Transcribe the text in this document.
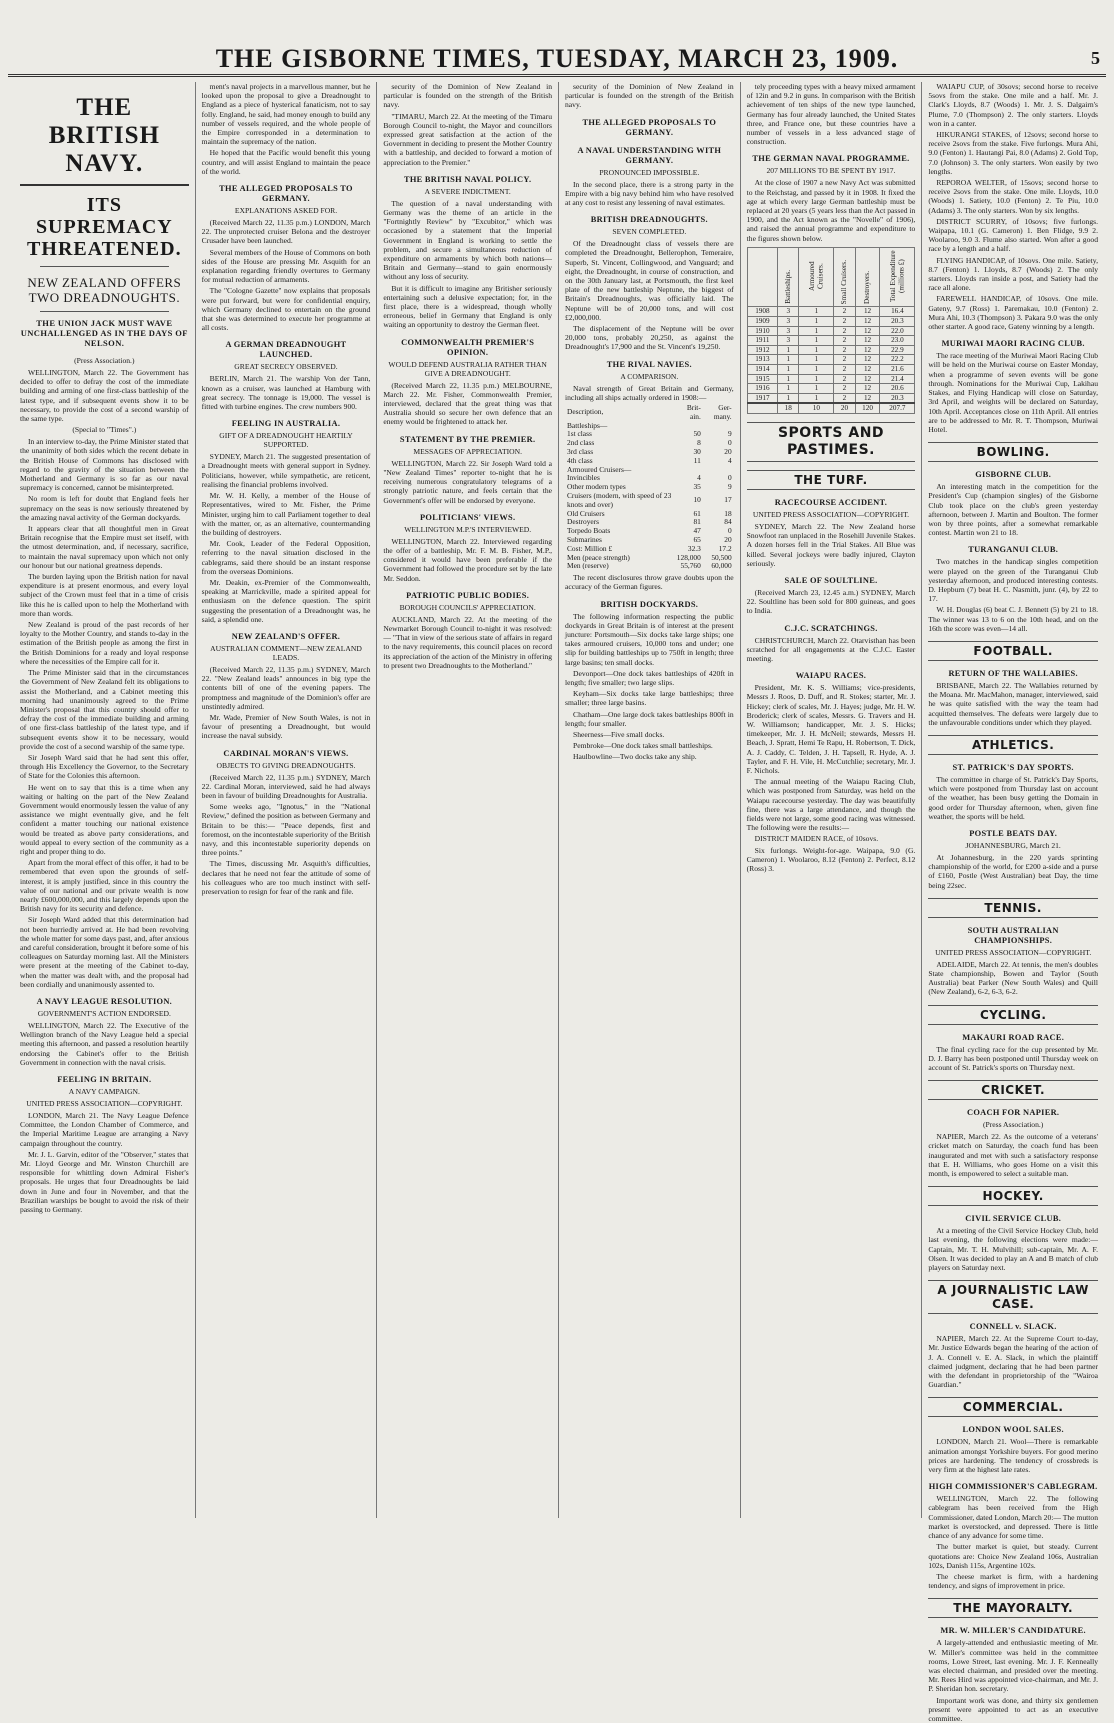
THE GISBORNE TIMES, TUESDAY, MARCH 23, 1909.	5
THE BRITISH NAVY.
ITS SUPREMACY THREATENED.
NEW ZEALAND OFFERS TWO DREADNOUGHTS.
THE UNION JACK MUST WAVE UNCHALLENGED AS IN THE DAYS OF NELSON.
(Press Association.)

WELLINGTON, March 22. The Government has decided to offer to defray the cost of the immediate building and arming of one first-class battleship of the latest type, and if subsequent events show it to be necessary, to provide the cost of a second warship of the same type.

(Special to "Times".)

In an interview to-day, the Prime Minister stated that the unanimity of both sides which the recent debate in the British House of Commons has disclosed with regard to the gravity of the situation between the Motherland and Germany is so far as our naval supremacy is concerned, cannot be misinterpreted.

No room is left for doubt that England feels her supremacy on the seas is now seriously threatened by the amazing naval activity of the German dockyards.

It appears clear that all thoughtful men in Great Britain recognise that the Empire must set itself, with the utmost determination, and, if necessary, sacrifice, to maintain the naval supremacy upon which not only our honour but our national greatness depends.

The burden laying upon the British nation for naval expenditure is at present enormous, and every loyal subject of the Crown must feel that in a time of crisis like this he is called upon to help the Motherland with more than words.

New Zealand is proud of the past records of her loyalty to the Mother Country, and stands to-day in the estimation of the British people as among the first in the British Dominions for a ready and loyal response where the necessities of the Empire call for it.

The Prime Minister said that in the circumstances the Government of New Zealand felt its obligations to assist the Motherland, and a Cabinet meeting this morning had unanimously agreed to the Prime Minister's proposal that this country should offer to defray the cost of the immediate building and arming of one first-class battleship of the latest type, and if subsequent events show it to be necessary, would provide the cost of a second warship of the same type.

Sir Joseph Ward said that he had sent this offer, through His Excellency the Governor, to the Secretary of State for the Colonies this afternoon.

He went on to say that this is a time when any waiting or halting on the part of the New Zealand Government would enormously lessen the value of any assistance we might eventually give, and he felt confident a matter touching our national existence would be treated as above party considerations, and would appeal to every section of the community as a right and proper thing to do.

Apart from the moral effect of this offer, it had to be remembered that even upon the grounds of self-interest, it is amply justified, since in this country the value of our national and our private wealth is now nearly £600,000,000, and this largely depends upon the British navy for its security and defence.

Sir Joseph Ward added that this determination had not been hurriedly arrived at. He had been revolving the whole matter for some days past, and, after anxious and careful consideration, brought it before some of his colleagues on Saturday morning last. All the Ministers were present at the meeting of the Cabinet to-day, when the matter was dealt with, and the proposal had been cordially and unanimously assented to.

A NAVY LEAGUE RESOLUTION.
GOVERNMENT'S ACTION ENDORSED.

WELLINGTON, March 22. The Executive of the Wellington branch of the Navy League held a special meeting this afternoon, and passed a resolution heartily endorsing the Cabinet's offer to the British Government in connection with the naval crisis.

FEELING IN BRITAIN.
A NAVY CAMPAIGN.
UNITED PRESS ASSOCIATION—COPYRIGHT.

LONDON, March 21. The Navy League Defence Committee, the London Chamber of Commerce, and the Imperial Maritime League are arranging a Navy campaign throughout the country.

Mr. J. L. Garvin, editor of the "Observer," states that Mr. Lloyd George and Mr. Winston Churchill are responsible for whittling down Admiral Fisher's proposals. He urges that four Dreadnoughts be laid down in June and four in November, and that the Brazilian warships be bought to avoid the risk of their passing to Germany.

ment's naval projects in a marvellous manner, but he looked upon the proposal to give a Dreadnought to England as a piece of hysterical fanaticism, not to say folly. England, he said, had money enough to build any number of vessels required, and the whole people of the Empire corresponded in a determination to maintain the supremacy of the nation.

He hoped that the Pacific would benefit this young country, and will assist England to maintain the peace of the world.

THE ALLEGED PROPOSALS TO GERMANY.
EXPLANATIONS ASKED FOR.

(Received March 22, 11.35 p.m.) LONDON, March 22. The unprotected cruiser Belona and the destroyer Crusader have been launched.

Several members of the House of Commons on both sides of the House are pressing Mr. Asquith for an explanation regarding friendly overtures to Germany for mutual reduction of armaments.

The "Cologne Gazette" now explains that proposals were put forward, but were for confidential enquiry, which Germany declined to entertain on the ground that she was determined to execute her programme at all costs.

A GERMAN DREADNOUGHT LAUNCHED.
GREAT SECRECY OBSERVED.

BERLIN, March 21. The warship Von der Tann, known as a cruiser, was launched at Hamburg with great secrecy. The tonnage is 19,000. The vessel is fitted with turbine engines. The crew numbers 900.

FEELING IN AUSTRALIA.
GIFT OF A DREADNOUGHT HEARTILY SUPPORTED.

SYDNEY, March 21. The suggested presentation of a Dreadnought meets with general support in Sydney. Politicians, however, while sympathetic, are reticent, realising the financial problems involved.

Mr. W. H. Kelly, a member of the House of Representatives, wired to Mr. Fisher, the Prime Minister, urging him to call Parliament together to deal with the matter, or, as an alternative, countermanding the building of destroyers.

Mr. Cook, Leader of the Federal Opposition, referring to the naval situation disclosed in the cablegrams, said there should be an instant response from the overseas Dominions.

Mr. Deakin, ex-Premier of the Commonwealth, speaking at Marrickville, made a spirited appeal for enthusiasm on the defence question. The spirit suggesting the presentation of a Dreadnought was, he said, a splendid one.

NEW ZEALAND'S OFFER.
AUSTRALIAN COMMENT—NEW ZEALAND LEADS.

(Received March 22, 11.35 p.m.) SYDNEY, March 22. "New Zealand leads" announces in big type the contents bill of one of the evening papers. The promptness and magnitude of the Dominion's offer are unstintedly admired.

Mr. Wade, Premier of New South Wales, is not in favour of presenting a Dreadnought, but would increase the naval subsidy.

CARDINAL MORAN'S VIEWS.
OBJECTS TO GIVING DREADNOUGHTS.

(Received March 22, 11.35 p.m.) SYDNEY, March 22. Cardinal Moran, interviewed, said he had always been in favour of building Dreadnoughts for Australia.

Some weeks ago, "Ignotus," in the "National Review," defined the position as between Germany and Britain to be this:— "Peace depends, first and foremost, on the incontestable superiority of the British navy, and this incontestable superiority depends on three points."

The Times, discussing Mr. Asquith's difficulties, declares that he need not fear the attitude of some of his colleagues who are too much instinct with self-preservation to resign for fear of the rank and file.

security of the Dominion of New Zealand in particular is founded on the strength of the British navy.

"TIMARU, March 22. At the meeting of the Timaru Borough Council to-night, the Mayor and councillors expressed great satisfaction at the action of the Government in deciding to present the Mother Country with a battleship, and decided to forward a motion of appreciation to the Premier."

THE BRITISH NAVAL POLICY.
A SEVERE INDICTMENT.

The question of a naval understanding with Germany was the theme of an article in the "Fortnightly Review" by "Excubitor," which was occasioned by a statement that the Imperial Government in England is working to settle the problem, and secure a simultaneous reduction of expenditure on armaments by which both nations—Britain and Germany—stand to gain enormously without any loss of security.

But it is difficult to imagine any Britisher seriously entertaining such a delusive expectation; for, in the first place, there is a widespread, though wholly erroneous, belief in Germany that England is only waiting an opportunity to destroy the German fleet.

COMMONWEALTH PREMIER'S OPINION.
WOULD DEFEND AUSTRALIA RATHER THAN GIVE A DREADNOUGHT.

(Received March 22, 11.35 p.m.) MELBOURNE, March 22. Mr. Fisher, Commonwealth Premier, interviewed, declared that the great thing was that Australia should so secure her own defence that an enemy would be frightened to attack her.

STATEMENT BY THE PREMIER.
MESSAGES OF APPRECIATION.

WELLINGTON, March 22. Sir Joseph Ward told a "New Zealand Times" reporter to-night that he is receiving numerous congratulatory telegrams of a strongly patriotic nature, and feels certain that the Government's offer will be endorsed by everyone.

POLITICIANS' VIEWS.
WELLINGTON M.P.'S INTERVIEWED.

WELLINGTON, March 22. Interviewed regarding the offer of a battleship, Mr. F. M. B. Fisher, M.P., considered it would have been preferable if the Government had followed the procedure set by the late Mr. Seddon.

PATRIOTIC PUBLIC BODIES.
BOROUGH COUNCILS' APPRECIATION.

AUCKLAND, March 22. At the meeting of the Newmarket Borough Council to-night it was resolved:— "That in view of the serious state of affairs in regard to the navy requirements, this council places on record its appreciation of the action of the Ministry in offering to present two Dreadnoughts to the Motherland."

security of the Dominion of New Zealand in particular is founded on the strength of the British navy.

THE ALLEGED PROPOSALS TO GERMANY.
A NAVAL UNDERSTANDING WITH GERMANY.
PRONOUNCED IMPOSSIBLE.

In the second place, there is a strong party in the Empire with a big navy behind him who have resolved at any cost to resist any lessening of naval estimates.

BRITISH DREADNOUGHTS.
SEVEN COMPLETED.

Of the Dreadnought class of vessels there are completed the Dreadnought, Bellerophon, Temeraire, Superb, St. Vincent, Collingwood, and Vanguard; and eight, the Dreadnought, in course of construction, and on the 30th January last, at Portsmouth, the first keel plate of the new battleship Neptune, the biggest of Britain's Dreadnoughts, was officially laid. The Neptune will be of 20,000 tons, and will cost £2,000,000.

The displacement of the Neptune will be over 20,000 tons, probably 20,250, as against the Dreadnought's 17,900 and the St. Vincent's 19,250.

THE RIVAL NAVIES.
A COMPARISON.

Naval strength of Great Britain and Germany, including all ships actually ordered in 1908:—

Description,	Brit-ain.	Ger-many.
Battleships—		
1st class	50	9
2nd class	8	0
3rd class	30	20
4th class	11	4
Armoured Cruisers—		
Invincibles	4	0
Other modern types	35	9
Cruisers (modern, with speed of 23 knots and over)	10	17
Old Cruisers	61	18
Destroyers	81	84
Torpedo Boats	47	0
Submarines	65	20
Cost: Million £	32.3	17.2
Men (peace strength)	128,000	50,500
Men (reserve)	55,760	60,000

The recent disclosures throw grave doubts upon the accuracy of the German figures.

BRITISH DOCKYARDS.

The following information respecting the public dockyards in Great Britain is of interest at the present juncture: Portsmouth—Six docks take large ships; one takes armoured cruisers, 10,000 tons and under; one slip for building battleships up to 750ft in length; three large basins; ten small docks.

Devonport—One dock takes battleships of 420ft in length; five smaller; two large slips.

Keyham—Six docks take large battleships; three smaller; three large basins.

Chatham—One large dock takes battleships 800ft in length; four smaller.

Sheerness—Five small docks.

Pembroke—One dock takes small battleships.

Haulbowline—Two docks take any ship.

tely proceeding types with a heavy mixed armament of 12in and 9.2 in guns. In comparison with the British achievement of ten ships of the new type launched, Germany has four already launched, the United States three, and France one, but these countries have a number of vessels in a less advanced stage of construction.

THE GERMAN NAVAL PROGRAMME.
207 MILLIONS TO BE SPENT BY 1917.

At the close of 1907 a new Navy Act was submitted to the Reichstag, and passed by it in 1908. It fixed the age at which every large German battleship must be replaced at 20 years (5 years less than the Act passed in 1900, and the Act known as the "Novelle" of 1906), and raised the annual programme and expenditure to the figures shown below.

	Battleships.	Armoured Cruisers.	Small Cruisers.	Destroyers.	Total Expenditure (millions £)
1908	3	1	2	12	16.4
1909	3	1	2	12	20.3
1910	3	1	2	12	22.0
1911	3	1	2	12	23.0
1912	1	1	2	12	22.9
1913	1	1	2	12	22.2
1914	1	1	2	12	21.6
1915	1	1	2	12	21.4
1916	1	1	2	12	20.6
1917	1	1	2	12	20.3
	18	10	20	120	207.7
SPORTS AND PASTIMES.
THE TURF.
RACECOURSE ACCIDENT.
UNITED PRESS ASSOCIATION—COPYRIGHT.

SYDNEY, March 22. The New Zealand horse Snowfoot ran unplaced in the Rosehill Juvenile Stakes. A dozen horses fell in the Trial Stakes. All Blue was killed. Several jockeys were badly injured, Clayton seriously.

SALE OF SOULTLINE.

(Received March 23, 12.45 a.m.) SYDNEY, March 22. Soultline has been sold for 800 guineas, and goes to India.

C.J.C. SCRATCHINGS.

CHRISTCHURCH, March 22. Otarvisthan has been scratched for all engagements at the C.J.C. Easter meeting.

WAIAPU RACES.

President, Mr. K. S. Williams; vice-presidents, Messrs J. Roos, D. Duff, and R. Stokes; starter, Mr. J. Hickey; clerk of scales, Mr. J. Hayes; judge, Mr. H. W. Broderick; clerk of scales, Messrs. G. Travers and H. W. Williamson; handicapper, Mr. J. S. Hicks; timekeeper, Mr. J. H. McNeil; stewards, Messrs H. Beach, J. Spratt, Hemi Te Rapu, H. Robertson, T. Dick, A. J. Caddy, C. Telden, J. H. Tapsell, R. Hyde, A. J. Tayler, and F. H. Vile, H. McCutchlie; secretary, Mr. J. F. Nichols.

The annual meeting of the Waiapu Racing Club, which was postponed from Saturday, was held on the Waiapu racecourse yesterday. The day was beautifully fine, there was a large attendance, and though the fields were not large, some good racing was witnessed. The following were the results:—

DISTRICT MAIDEN RACE, of 10sovs.

Six furlongs. Weight-for-age. Waipapa, 9.0 (G. Cameron) 1. Woolaroo, 8.12 (Fenton) 2. Perfect, 8.12 (Ross) 3.

WAIAPU CUP, of 30sovs; second horse to receive 5sovs from the stake. One mile and a half. Mr. J. Clark's Lloyds, 8.7 (Woods) 1. Mr. J. S. Dalgairn's Plume, 7.0 (Thompson) 2. The only starters. Lloyds won in a canter.

HIKURANGI STAKES, of 12sovs; second horse to receive 2sovs from the stake. Five furlongs. Mura Ahi, 9.0 (Fenton) 1. Hautangi Pai, 8.0 (Adams) 2. Gold Top, 7.0 (Johnson) 3. The only starters. Won easily by two lengths.

REPOROA WELTER, of 15sovs; second horse to receive 2sovs from the stake. One mile. Lloyds, 10.0 (Woods) 1. Satiety, 10.0 (Fenton) 2. Te Piu, 10.0 (Adams) 3. The only starters. Won by six lengths.

DISTRICT SCURRY, of 10sovs; five furlongs. Waipapa, 10.1 (G. Cameron) 1. Ben Flidge, 9.9 2. Woolaroo, 9.0 3. Flume also started. Won after a good race by a length and a half.

FLYING HANDICAP, of 10sovs. One mile. Satiety, 8.7 (Fenton) 1. Lloyds, 8.7 (Woods) 2. The only starters. Lloyds ran inside a post, and Satiety had the race all alone.

FAREWELL HANDICAP, of 10sovs. One mile. Gateny, 9.7 (Ross) 1. Paremakau, 10.0 (Fenton) 2. Mura Ahi, 10.3 (Thompson) 3. Pakara 9.0 was the only other starter. A good race, Gateny winning by a length.

MURIWAI MAORI RACING CLUB.

The race meeting of the Muriwai Maori Racing Club will be held on the Muriwai course on Easter Monday, when a programme of seven events will be gone through. Nominations for the Muriwai Cup, Lakihau Stakes, and Flying Handicap will close on Saturday, 3rd April, and weights will be declared on Saturday, 10th April. Acceptances close on 11th April. All entries are to be addressed to Mr. R. T. Thompson, Muriwai Hotel.

BOWLING.
GISBORNE CLUB.

An interesting match in the competition for the President's Cup (champion singles) of the Gisborne Club took place on the club's green yesterday afternoon, between J. Martin and Boulton. The former won by three points, after a somewhat remarkable contest. Martin won 21 to 18.

TURANGANUI CLUB.

Two matches in the handicap singles competition were played on the green of the Turanganui Club yesterday afternoon, and produced interesting contests. D. Hepburn (7) beat H. C. Nasmith, junr. (4), by 22 to 17.

W. H. Douglas (6) beat C. J. Bennett (5) by 21 to 18. The winner was 13 to 6 on the 10th head, and on the 16th the score was even—14 all.

FOOTBALL.
RETURN OF THE WALLABIES.

BRISBANE, March 22. The Wallabies returned by the Moana. Mr. MacMahon, manager, interviewed, said he was quite satisfied with the way the team had acquitted themselves. The defeats were largely due to the unfavourable conditions under which they played.

ATHLETICS.
ST. PATRICK'S DAY SPORTS.

The committee in charge of St. Patrick's Day Sports, which were postponed from Thursday last on account of the weather, has been busy getting the Domain in good order for Thursday afternoon, when, given fine weather, the sports will be held.

POSTLE BEATS DAY.
JOHANNESBURG, March 21.

At Johannesburg, in the 220 yards sprinting championship of the world, for £200 a-side and a purse of £160, Postle (West Australian) beat Day, the time being 22sec.

TENNIS.
SOUTH AUSTRALIAN CHAMPIONSHIPS.
UNITED PRESS ASSOCIATION—COPYRIGHT.

ADELAIDE, March 22. At tennis, the men's doubles State championship, Bowen and Taylor (South Australia) beat Parker (New South Wales) and Quill (New Zealand), 6-2, 6-3, 6-2.

CYCLING.
MAKAURI ROAD RACE.

The final cycling race for the cup presented by Mr. D. J. Barry has been postponed until Thursday week on account of St. Patrick's sports on Thursday next.

CRICKET.
COACH FOR NAPIER.
(Press Association.)

NAPIER, March 22. As the outcome of a veterans' cricket match on Saturday, the coach fund has been inaugurated and met with such a satisfactory response that E. H. Williams, who goes Home on a visit this month, is empowered to select a suitable man.

HOCKEY.
CIVIL SERVICE CLUB.

At a meeting of the Civil Service Hockey Club, held last evening, the following elections were made:—Captain, Mr. T. H. Mulvihill; sub-captain, Mr. A. F. Olsen. It was decided to play an A and B match of club players on Saturday next.

A JOURNALISTIC LAW CASE.
CONNELL v. SLACK.

NAPIER, March 22. At the Supreme Court to-day, Mr. Justice Edwards began the hearing of the action of J. A. Connell v. E. A. Slack, in which the plaintiff claimed judgment, declaring that he had been partner with the defendant in proprietorship of the "Wairoa Guardian."

COMMERCIAL.
LONDON WOOL SALES.

LONDON, March 21. Wool—There is remarkable animation amongst Yorkshire buyers. For good merino prices are hardening. The tendency of crossbreds is very firm at the highest late rates.

HIGH COMMISSIONER'S CABLEGRAM.

WELLINGTON, March 22. The following cablegram has been received from the High Commissioner, dated London, March 20:— The mutton market is overstocked, and depressed. There is little chance of any advance for some time.

The butter market is quiet, but steady. Current quotations are: Choice New Zealand 106s, Australian 102s, Danish 115s, Argentine 102s.

The cheese market is firm, with a hardening tendency, and signs of improvement in price.

THE MAYORALTY.
MR. W. MILLER'S CANDIDATURE.

A largely-attended and enthusiastic meeting of Mr. W. Miller's committee was held in the committee rooms, Lowe Street, last evening. Mr. J. F. Kenneally was elected chairman, and presided over the meeting. Mr. Rees Hird was appointed vice-chairman, and Mr. J. P. Sheridan hon. secretary.

Important work was done, and thirty six gentlemen present were appointed to act as an executive committee.
